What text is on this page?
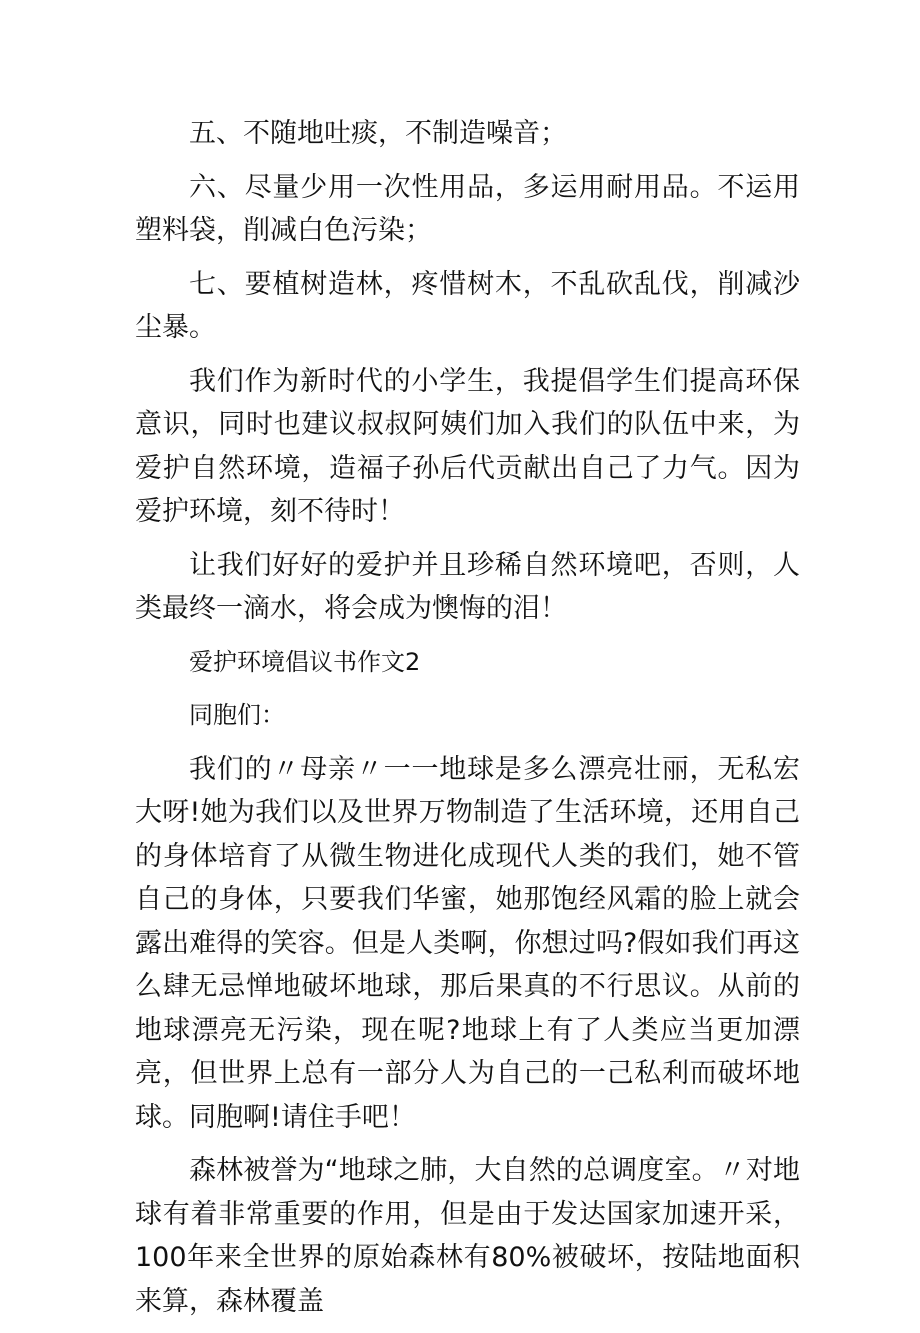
五、不随地吐痰，不制造噪音；

六、尽量少用一次性用品，多运用耐用品。不运用塑料袋，削减白色污染；

七、要植树造林，疼惜树木，不乱砍乱伐，削减沙尘暴。

我们作为新时代的小学生，我提倡学生们提高环保意识，同时也建议叔叔阿姨们加入我们的队伍中来，为爱护自然环境，造福子孙后代贡献出自己了力气。因为爱护环境，刻不待时！

让我们好好的爱护并且珍稀自然环境吧，否则，人类最终一滴水，将会成为懊悔的泪！

爱护环境倡议书作文2

同胞们：

我们的〃母亲〃一一地球是多么漂亮壮丽，无私宏大呀!她为我们以及世界万物制造了生活环境，还用自己的身体培育了从微生物进化成现代人类的我们，她不管自己的身体，只要我们华蜜，她那饱经风霜的脸上就会露出难得的笑容。但是人类啊，你想过吗?假如我们再这么肆无忌惮地破坏地球，那后果真的不行思议。从前的地球漂亮无污染，现在呢?地球上有了人类应当更加漂亮，但世界上总有一部分人为自己的一己私利而破坏地球。同胞啊!请住手吧！

森林被誉为“地球之肺，大自然的总调度室。〃对地球有着非常重要的作用，但是由于发达国家加速开采，100年来全世界的原始森林有80%被破坏，按陆地面积来算，森林覆盖
